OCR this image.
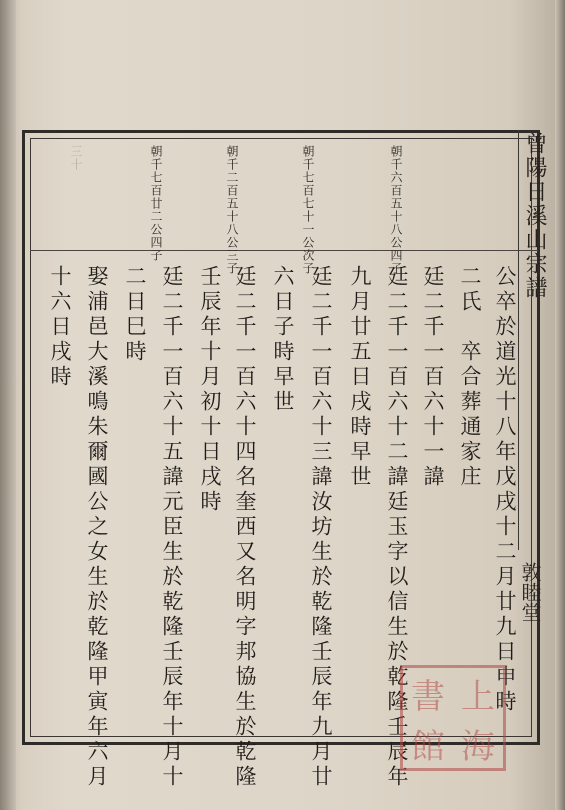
曾陽日溪山宗譜
敦睦堂
朝千六百五十八公四子
朝千七百七十一公次子
朝千二百五十八公三子
朝千七百廿二公四子
三十
公卒於道光十八年戊戌十二月廿九日申時
二氏　卒合葬通家庄
廷二千一百六十一諱
廷二千一百六十二諱廷玉字以信生於乾隆壬辰年
九月廿五日戌時早世
廷二千一百六十三諱汝坊生於乾隆壬辰年九月廿
六日子時早世
廷二千一百六十四名奎西又名明字邦協生於乾隆
壬辰年十月初十日戌時
廷二千一百六十五諱元臣生於乾隆壬辰年十月十
二日巳時
娶浦邑大溪鳴朱爾國公之女生於乾隆甲寅年六月
十六日戌時
上
海
書
館
